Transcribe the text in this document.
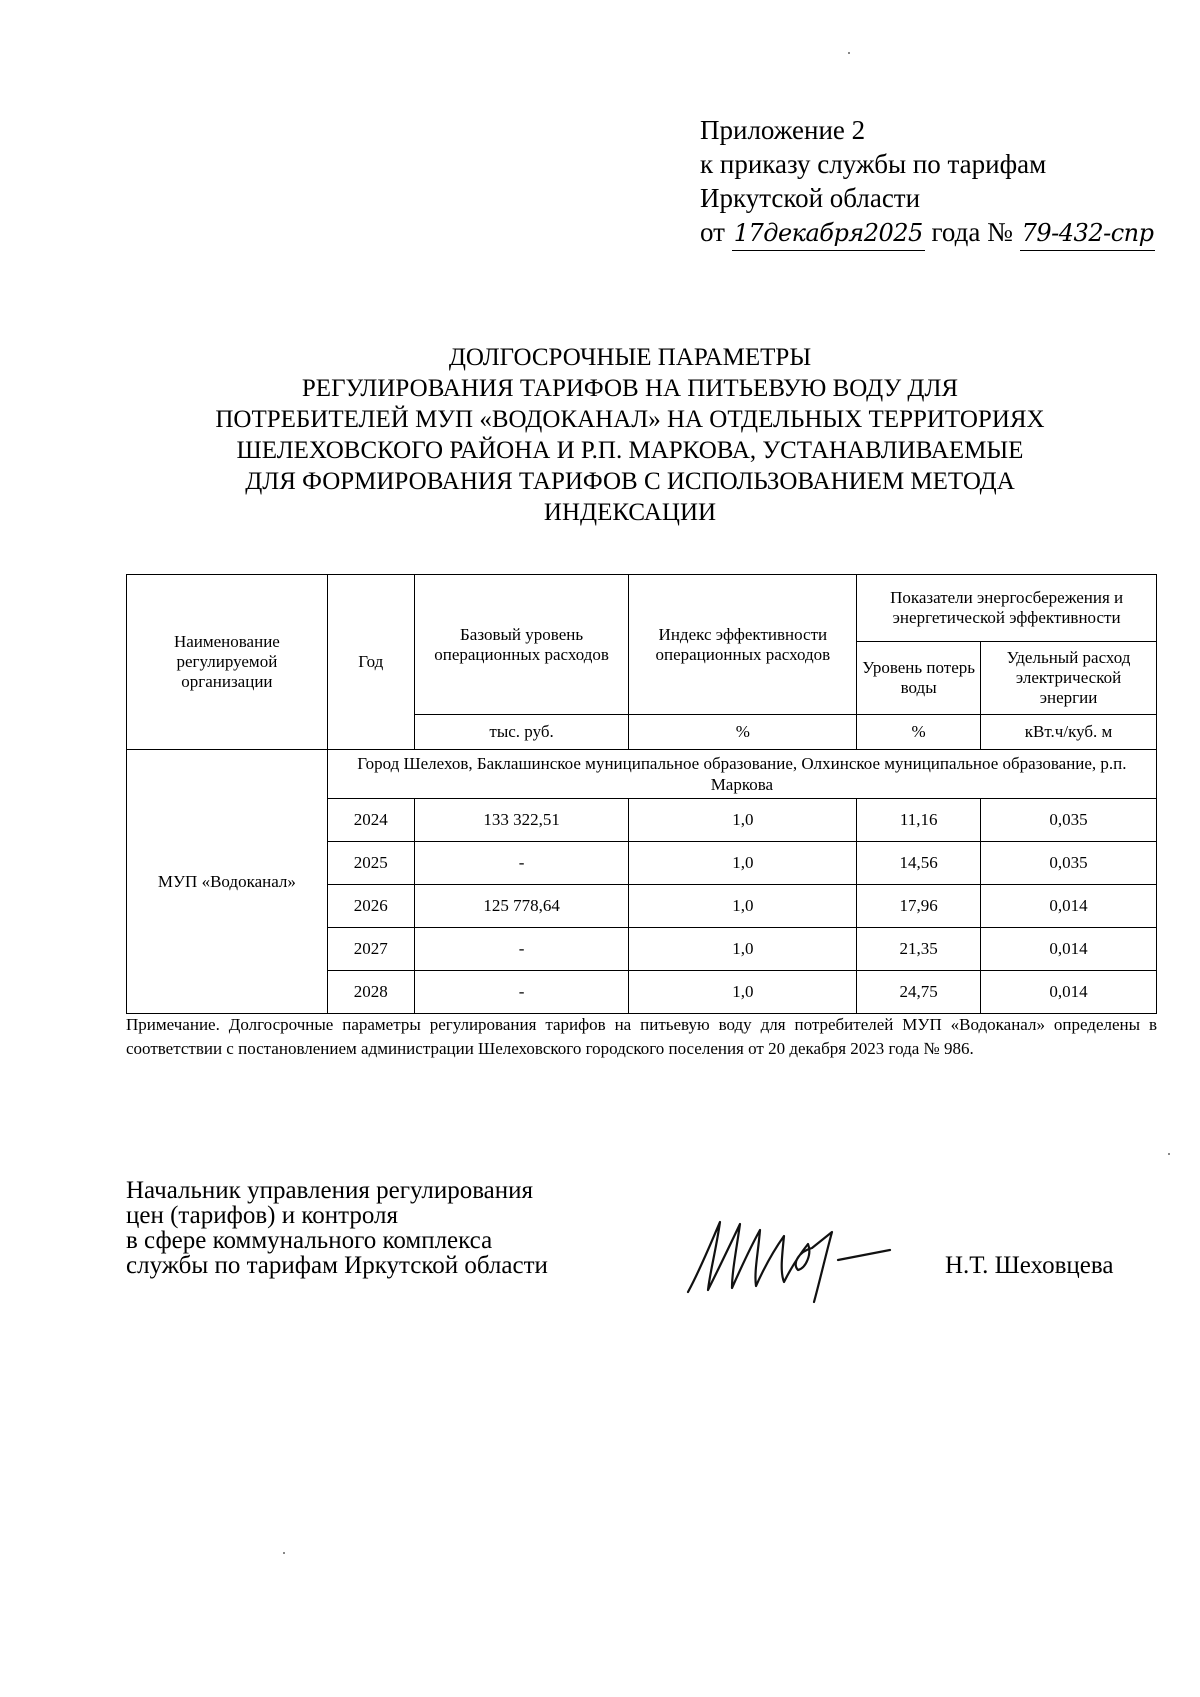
Приложение 2
к приказу службы по тарифам
Иркутской области
от 17декабря2025 года № 79-432-спр
ДОЛГОСРОЧНЫЕ ПАРАМЕТРЫ
РЕГУЛИРОВАНИЯ ТАРИФОВ НА ПИТЬЕВУЮ ВОДУ ДЛЯ
ПОТРЕБИТЕЛЕЙ МУП «ВОДОКАНАЛ» НА ОТДЕЛЬНЫХ ТЕРРИТОРИЯХ
ШЕЛЕХОВСКОГО РАЙОНА И Р.П. МАРКОВА, УСТАНАВЛИВАЕМЫЕ
ДЛЯ ФОРМИРОВАНИЯ ТАРИФОВ С ИСПОЛЬЗОВАНИЕМ МЕТОДА
ИНДЕКСАЦИИ
Наименование регулируемой организации	Год	Базовый уровень операционных расходов	Индекс эффективности операционных расходов	Показатели энергосбережения и энергетической эффективности	
				Уровень потерь воды	Удельный расход электрической энергии
		тыс. руб.	%	%	кВт.ч/куб. м
МУП «Водоканал»	Город Шелехов, Баклашинское муниципальное образование, Олхинское муниципальное образование, р.п. Маркова				
	2024	133 322,51	1,0	11,16	0,035
	2025	-	1,0	14,56	0,035
	2026	125 778,64	1,0	17,96	0,014
	2027	-	1,0	21,35	0,014
	2028	-	1,0	24,75	0,014
Примечание. Долгосрочные параметры регулирования тарифов на питьевую воду для потребителей МУП «Водоканал» определены в соответствии с постановлением администрации Шелеховского городского поселения от 20 декабря 2023 года № 986.
Начальник управления регулирования
цен (тарифов) и контроля
в сфере коммунального комплекса
службы по тарифам Иркутской области	Н.Т. Шеховцева
